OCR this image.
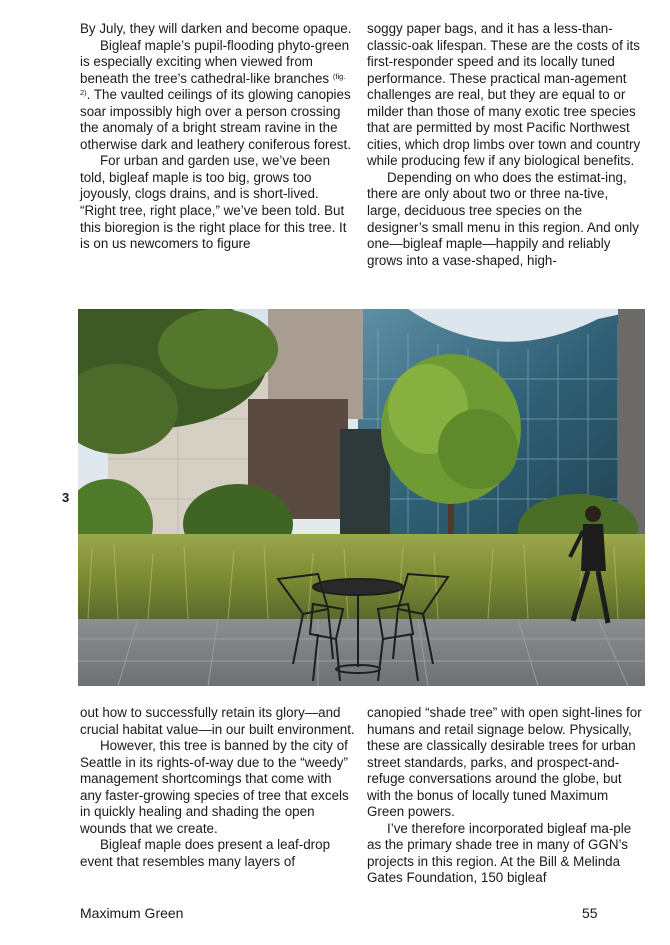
By July, they will darken and become opaque.

Bigleaf maple’s pupil-flooding phyto-green is especially exciting when viewed from beneath the tree’s cathedral-like branches $^{(fig. 2)}$. The vaulted ceilings of its glowing canopies soar impossibly high over a person crossing the anomaly of a bright stream ravine in the otherwise dark and leathery coniferous forest.

For urban and garden use, we’ve been told, bigleaf maple is too big, grows too joyously, clogs drains, and is short-lived. “Right tree, right place,” we’ve been told. But this bioregion is the right place for this tree. It is on us newcomers to figure

soggy paper bags, and it has a less-than-classic-oak lifespan. These are the costs of its first-responder speed and its locally tuned performance. These practical man-agement challenges are real, but they are equal to or milder than those of many exotic tree species that are permitted by most Pacific Northwest cities, which drop limbs over town and country while producing few if any biological benefits.

Depending on who does the estimat-ing, there are only about two or three na-tive, large, deciduous tree species on the designer’s small menu in this region. And only one—bigleaf maple—happily and reliably grows into a vase-shaped, high-

3

out how to successfully retain its glory—and crucial habitat value—in our built environment.

However, this tree is banned by the city of Seattle in its rights-of-way due to the “weedy” management shortcomings that come with any faster-growing species of tree that excels in quickly healing and shading the open wounds that we create.

Bigleaf maple does present a leaf-drop event that resembles many layers of

canopied “shade tree” with open sight-lines for humans and retail signage below. Physically, these are classically desirable trees for urban street standards, parks, and prospect-and-refuge conversations around the globe, but with the bonus of locally tuned Maximum Green powers.

I’ve therefore incorporated bigleaf ma-ple as the primary shade tree in many of GGN’s projects in this region. At the Bill & Melinda Gates Foundation, 150 bigleaf

Maximum Green	55
